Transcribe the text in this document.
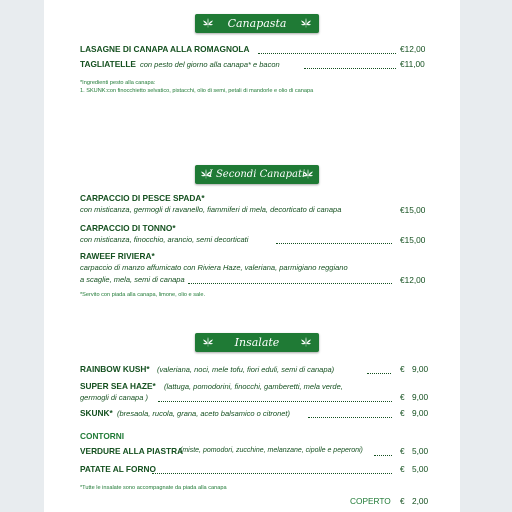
Canapasta
LASAGNE DI CANAPA ALLA ROMAGNOLA	€12,00
TAGLIATELLE con pesto del giorno alla canapa* e bacon	€11,00
*Ingredienti pesto alla canapa:
1. SKUNK:con finocchietto selvatico, pistacchi, olio di semi, petali di mandorle e olio di canapa
I Secondi Canapati
CARPACCIO DI PESCE SPADA*
con misticanza, germogli di ravanello, fiammiferi di mela, decorticato di canapa	€15,00
CARPACCIO DI TONNO*
con misticanza, finocchio, arancio, semi decorticati	€15,00
RAWEEF RIVIERA*
carpaccio di manzo affumicato con Riviera Haze, valeriana, parmigiano reggiano
a scaglie, mela, semi di canapa	€12,00
*Servito con piada alla canapa, limone, olio e sale.
Insalate
RAINBOW KUSH* (valeriana, noci, mele tofu, fiori eduli, semi di canapa)	€ 9,00
SUPER SEA HAZE* (lattuga, pomodorini, finocchi, gamberetti, mela verde,
germogli di canapa )	€ 9,00
SKUNK* (bresaola, rucola, grana, aceto balsamico o citronet)	€ 9,00
CONTORNI
VERDURE ALLA PIASTRA
(miste, pomodori, zucchine, melanzane, cipolle e peperoni)	€ 5,00
PATATE AL FORNO	€ 5,00
*Tutte le insalate sono accompagnate da piada alla canapa
COPERTO € 2,00
